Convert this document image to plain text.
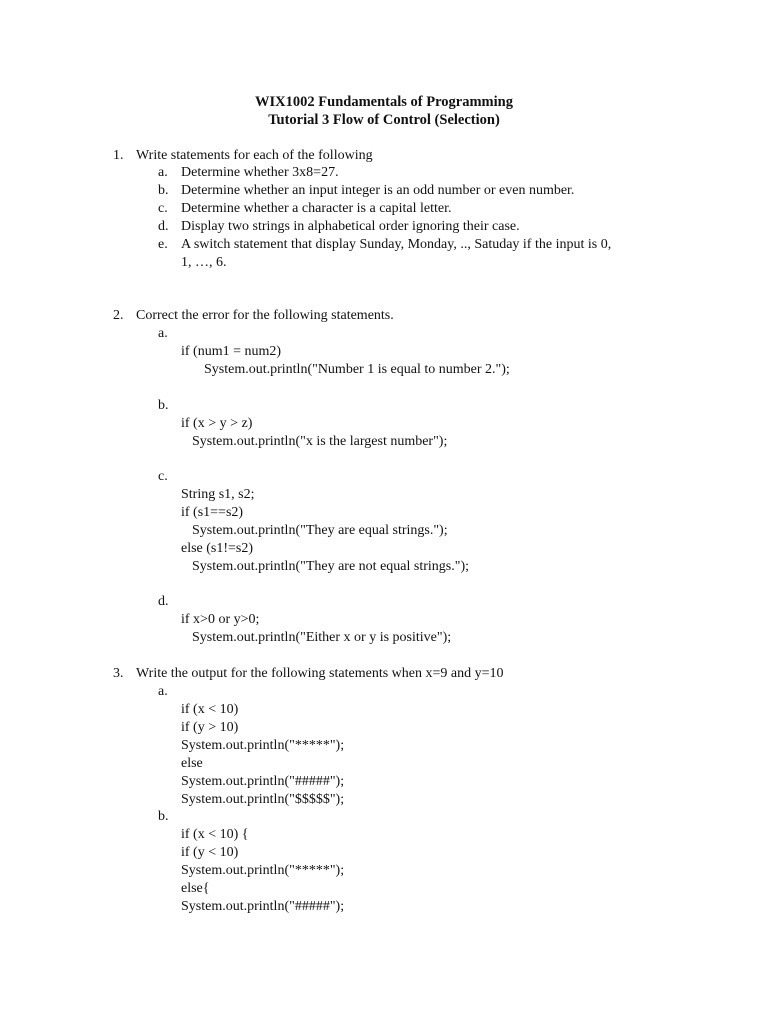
WIX1002 Fundamentals of Programming
Tutorial 3 Flow of Control (Selection)
1. Write statements for each of the following
a. Determine whether 3x8=27.
b. Determine whether an input integer is an odd number or even number.
c. Determine whether a character is a capital letter.
d. Display two strings in alphabetical order ignoring their case.
e. A switch statement that display Sunday, Monday, .., Satuday if the input is 0,
1, …, 6.
2. Correct the error for the following statements.
a.
if (num1 = num2)
System.out.println("Number 1 is equal to number 2.");
b.
if (x > y > z)
System.out.println("x is the largest number");
c.
String s1, s2;
if (s1==s2)
System.out.println("They are equal strings.");
else (s1!=s2)
System.out.println("They are not equal strings.");
d.
if x>0 or y>0;
System.out.println("Either x or y is positive");
3. Write the output for the following statements when x=9 and y=10
a.
if (x < 10)
if (y > 10)
System.out.println("*****");
else
System.out.println("#####");
System.out.println("$$$$$");
b.
if (x < 10) {
if (y < 10)
System.out.println("*****");
else{
System.out.println("#####");
